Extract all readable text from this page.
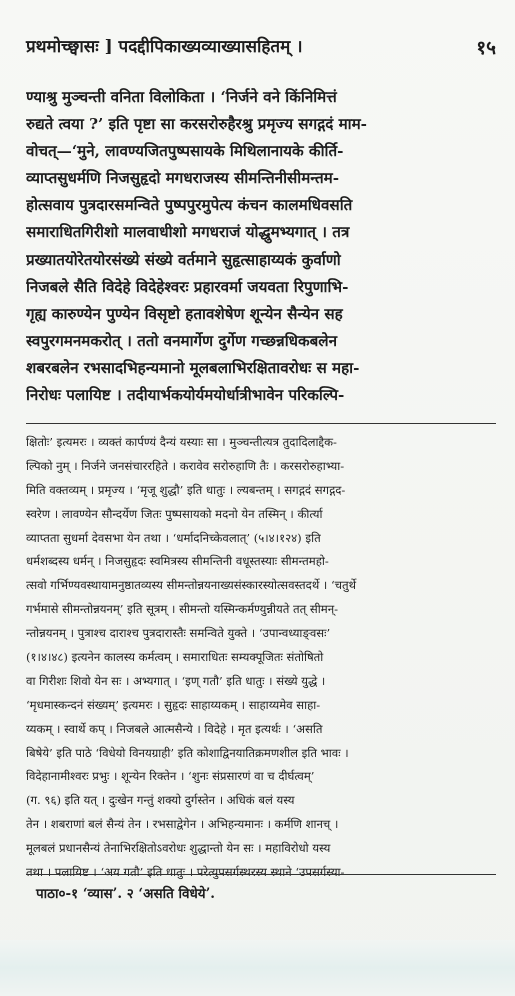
प्रथमोच्छ्वासः ] पदद्दीपिकाख्यव्याख्यासहितम् ।	१५
ण्याश्रु मुञ्चन्ती वनिता विलोकिता । ‘निर्जने वने किंनिमित्तं
रुद्यते त्वया ?’ इति पृष्टा सा करसरोरुहैरश्रु प्रमृज्य सगद्गदं माम-
वोचत्—‘मुने, लावण्यजितपुष्पसायके मिथिलानायके कीर्ति-
व्याप्तसुधर्मणि निजसुहृदो मगधराजस्य सीमन्तिनीसीमन्तम-
होत्सवाय पुत्रदारसमन्विते पुष्पपुरमुपेत्य कंचन कालमधिवसति
समाराधितगिरीशो मालवाधीशो मगधराजं योद्धुमभ्यगात् । तत्र
प्रख्यातयोरेतयोरसंख्ये संख्ये वर्तमाने सुहृत्साहाय्यकं कुर्वाणो
निजबले सैति विदेहे विदेहेश्वरः प्रहारवर्मा जयवता रिपुणाभि-
गृह्य कारुण्येन पुण्येन विसृष्टो हतावशेषेण शून्येन सैन्येन सह
स्वपुरगमनमकरोत् । ततो वनमार्गेण दुर्गेण गच्छन्नधिकबलेन
शबरबलेन रभसादभिहन्यमानो मूलबलाभिरक्षितावरोधः स महा-
निरोधः पलायिष्ट । तदीयार्भकयोर्यमयोर्धात्रीभावेन परिकल्पि-
क्षितोः’ इत्यमरः । व्यक्तं कार्पण्यं दैन्यं यस्याः सा । मुञ्चन्तीत्यत्र तुदादिलाद्दैक-
ल्पिको नुम् । निर्जने जनसंचाररहिते । करावेव सरोरुहाणि तैः । करसरोरुहाभ्या-
मिति वक्तव्यम् । प्रमृज्य । ‘मृजू शुद्धौ’ इति धातुः । ल्यबन्तम् । सगद्गदं सगद्गद-
स्वरेण । लावण्येन सौन्दर्येण जितः पुष्पसायको मदनो येन तस्मिन् । कीर्त्या
व्याप्तता सुधर्मा देवसभा येन तथा । ‘धर्मादनिच्केवलात्’ (५।४।१२४) इति
धर्मशब्दस्य धर्मन् । निजसुहृदः स्वमित्रस्य सीमन्तिनी वधूस्तस्याः सीमन्तमहो-
त्सवो गर्भिण्यवस्थायामनुष्ठातव्यस्य सीमन्तोन्नयनाख्यसंस्कारस्योत्सवस्तदर्थे । ‘चतुर्थे
गर्भमासे सीमन्तोन्नयनम्’ इति सूत्रम् । सीमन्तो यस्मिन्कर्मण्युन्नीयते तत् सीमन्-
न्तोन्नयनम् । पुत्राश्च दाराश्च पुत्रदारास्तैः समन्विते युक्ते । ‘उपान्वध्याङ्वसः’
(१।४।४८) इत्यनेन कालस्य कर्मत्वम् । समाराधितः सम्यक्पूजितः संतोषितो
वा गिरीशः शिवो येन सः । अभ्यगात् । ‘इण् गतौ’ इति धातुः । संख्ये युद्धे ।
‘मृधमास्कन्दनं संख्यम्’ इत्यमरः । सुहृदः साहाय्यकम् । साहाय्यमेव साहा-
य्यकम् । स्वार्थे कप् । निजबले आत्मसैन्ये । विदेहे । मृत इत्यर्थः । ‘असति
बिषेये’ इति पाठे ‘विधेयो विनयग्राही’ इति कोशाद्विनयातिक्रमणशील इति भावः ।
विदेहानामीश्वरः प्रभुः । शून्येन रिक्तेन । ‘शुनः संप्रसारणं वा च दीर्घत्वम्’
(ग. ९६) इति यत् । दुःखेन गन्तुं शक्यो दुर्गस्तेन । अधिकं बलं यस्य
तेन । शबराणां बलं सैन्यं तेन । रभसाद्वेगेन । अभिहन्यमानः । कर्मणि शानच् ।
मूलबलं प्रधानसैन्यं तेनाभिरक्षितोऽवरोधः शुद्धान्तो येन सः । महाविरोधो यस्य
तथा । पलायिष्ट । ‘अय गतौ’ इति धातुः । परेत्युपसर्गस्थरस्य स्थाने ‘उपसर्गस्या-
पाठा०-१ ‘व्यास’. २ ‘असति विधेये’.
